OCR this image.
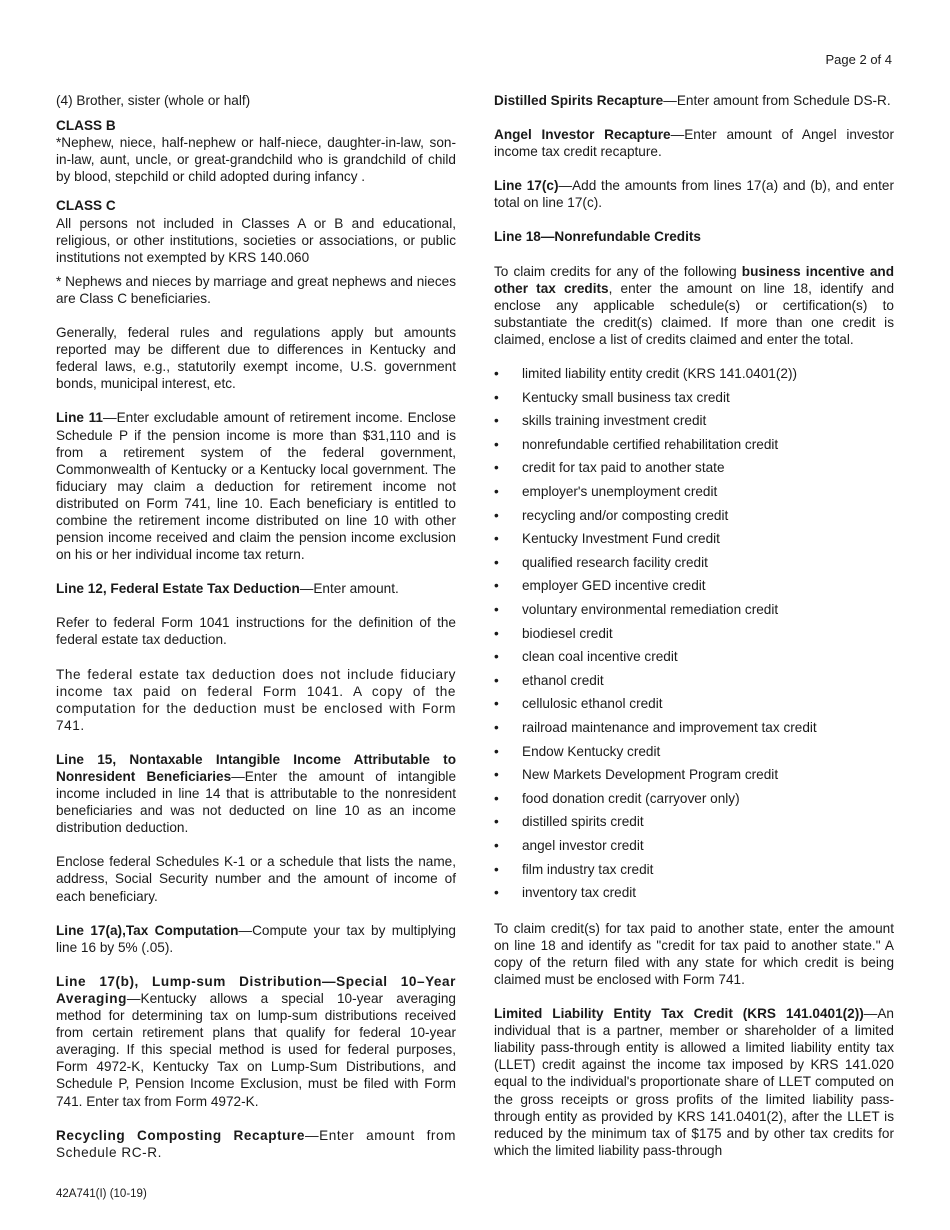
Page 2 of 4

(4) Brother, sister (whole or half)

CLASS B

*Nephew, niece, half-nephew or half-niece, daughter-in-law, son-in-law, aunt, uncle, or great-grandchild who is grandchild of child by blood, stepchild or child adopted during infancy .

CLASS C

All persons not included in Classes A or B and educational, religious, or other institutions, societies or associations, or public institutions not exempted by KRS 140.060

* Nephews and nieces by marriage and great nephews and nieces are Class C beneficiaries.

Generally, federal rules and regulations apply but amounts reported may be different due to differences in Kentucky and federal laws, e.g., statutorily exempt income, U.S. government bonds, municipal interest, etc.

Line 11—Enter excludable amount of retirement income. Enclose Schedule P if the pension income is more than $31,110 and is from a retirement system of the federal government, Commonwealth of Kentucky or a Kentucky local government. The fiduciary may claim a deduction for retirement income not distributed on Form 741, line 10. Each beneficiary is entitled to combine the retirement income distributed on line 10 with other pension income received and claim the pension income exclusion on his or her individual income tax return.

Line 12, Federal Estate Tax Deduction—Enter amount.

Refer to federal Form 1041 instructions for the definition of the federal estate tax deduction.

The federal estate tax deduction does not include fiduciary income tax paid on federal Form 1041. A copy of the computation for the deduction must be enclosed with Form 741.

Line 15, Nontaxable Intangible Income Attributable to Nonresident Beneficiaries—Enter the amount of intangible income included in line 14 that is attributable to the nonresident beneficiaries and was not deducted on line 10 as an income distribution deduction.

Enclose federal Schedules K-1 or a schedule that lists the name, address, Social Security number and the amount of income of each beneficiary.

Line 17(a),Tax Computation—Compute your tax by multiplying line 16 by 5% (.05).

Line 17(b), Lump-sum Distribution—Special 10–Year Averaging—Kentucky allows a special 10-year averaging method for determining tax on lump-sum distributions received from certain retirement plans that qualify for federal 10-year averaging. If this special method is used for federal purposes, Form 4972-K, Kentucky Tax on Lump-Sum Distributions, and Schedule P, Pension Income Exclusion, must be filed with Form 741. Enter tax from Form 4972-K.

Recycling Composting Recapture—Enter amount from Schedule RC-R.

Distilled Spirits Recapture—Enter amount from Schedule DS-R.

Angel Investor Recapture—Enter amount of Angel investor income tax credit recapture.

Line 17(c)—Add the amounts from lines 17(a) and (b), and enter total on line 17(c).

Line 18—Nonrefundable Credits

To claim credits for any of the following business incentive and other tax credits, enter the amount on line 18, identify and enclose any applicable schedule(s) or certification(s) to substantiate the credit(s) claimed. If more than one credit is claimed, enclose a list of credits claimed and enter the total.

• limited liability entity credit (KRS 141.0401(2))
• Kentucky small business tax credit
• skills training investment credit
• nonrefundable certified rehabilitation credit
• credit for tax paid to another state
• employer's unemployment credit
• recycling and/or composting credit
• Kentucky Investment Fund credit
• qualified research facility credit
• employer GED incentive credit
• voluntary environmental remediation credit
• biodiesel credit
• clean coal incentive credit
• ethanol credit
• cellulosic ethanol credit
• railroad maintenance and improvement tax credit
• Endow Kentucky credit
• New Markets Development Program credit
• food donation credit (carryover only)
• distilled spirits credit
• angel investor credit
• film industry tax credit
• inventory tax credit

To claim credit(s) for tax paid to another state, enter the amount on line 18 and identify as "credit for tax paid to another state." A copy of the return filed with any state for which credit is being claimed must be enclosed with Form 741.

Limited Liability Entity Tax Credit (KRS 141.0401(2))—An individual that is a partner, member or shareholder of a limited liability pass-through entity is allowed a limited liability entity tax (LLET) credit against the income tax imposed by KRS 141.020 equal to the individual's proportionate share of LLET computed on the gross receipts or gross profits of the limited liability pass-through entity as provided by KRS 141.0401(2), after the LLET is reduced by the minimum tax of $175 and by other tax credits for which the limited liability pass-through

42A741(I) (10-19)
